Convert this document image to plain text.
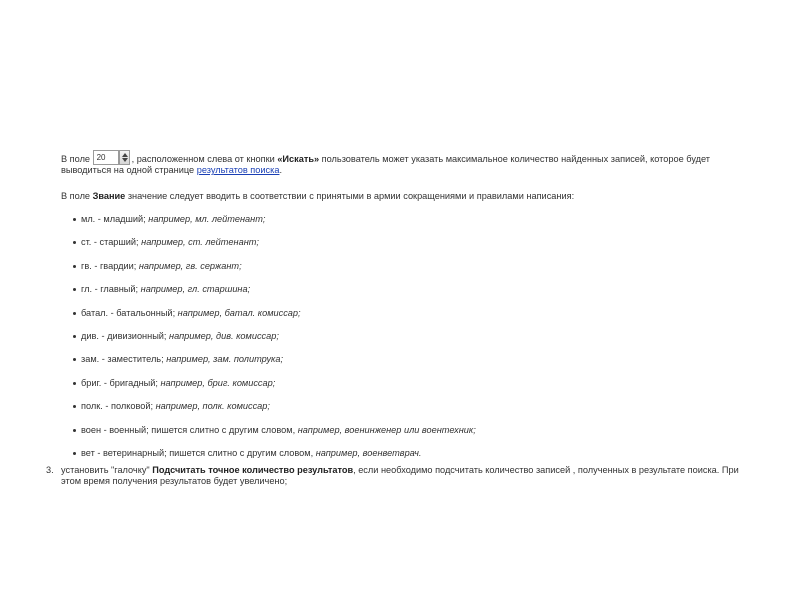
В поле 20	, расположенном слева от кнопки «Искать» пользователь может указать максимальное количество найденных записей, которое будет выводиться на одной странице результатов поиска.

В поле Звание значение следует вводить в соответствии с принятыми в армии сокращениями и правилами написания:

мл. - младший; например, мл. лейтенант;
ст. - старший; например, ст. лейтенант;
гв. - гвардии; например, гв. сержант;
гл. - главный; например, гл. старшина;
батал. - батальонный; например, батал. комиссар;
див. - дивизионный; например, див. комиссар;
зам. - заместитель; например, зам. политрука;
бриг. - бригадный; например, бриг. комиссар;
полк. - полковой; например, полк. комиссар;
воен - военный; пишется слитно с другим словом, например, военинженер или воентехник;
вет - ветеринарный; пишется слитно с другим словом, например, военветврач.
3. установить "галочку" Подсчитать точное количество результатов, если необходимо подсчитать количество записей , полученных в результате поиска. При этом время получения результатов будет увеличено;
